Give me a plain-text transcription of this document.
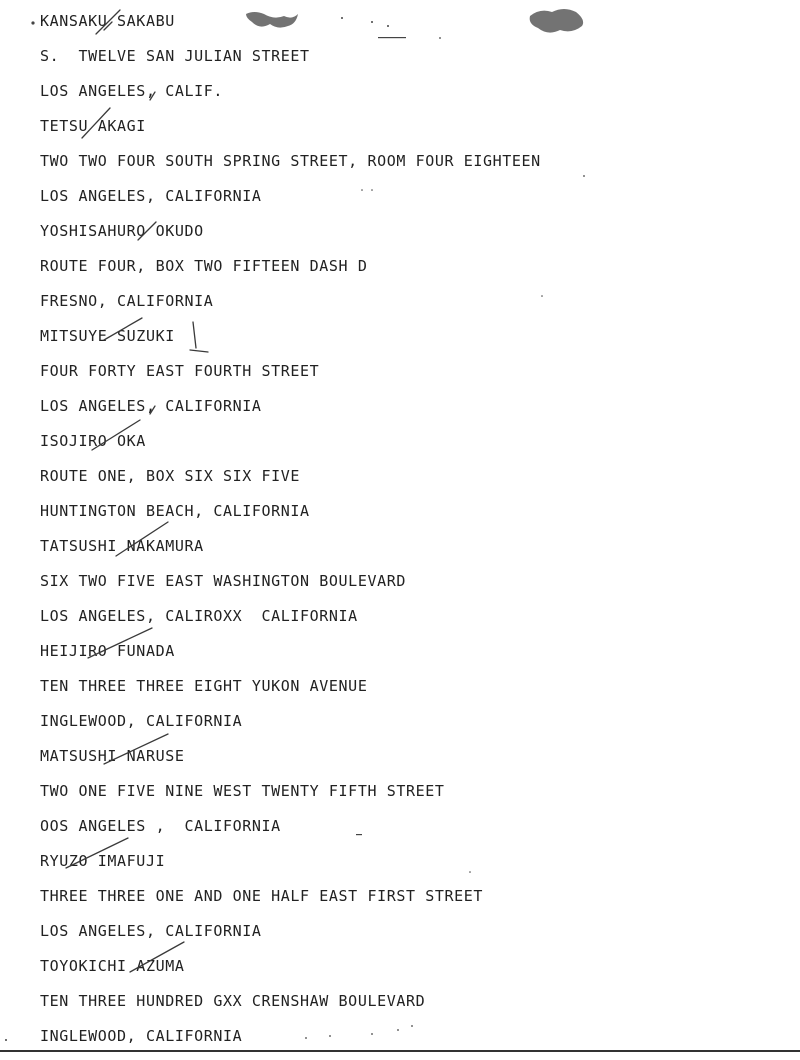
KANSAKU SAKABU
S.  TWELVE SAN JULIAN STREET
LOS ANGELES, CALIF.
TETSU AKAGI
TWO TWO FOUR SOUTH SPRING STREET, ROOM FOUR EIGHTEEN
LOS ANGELES, CALIFORNIA
YOSHISAHURO OKUDO
ROUTE FOUR, BOX TWO FIFTEEN DASH D
FRESNO, CALIFORNIA
MITSUYE SUZUKI
FOUR FORTY EAST FOURTH STREET
LOS ANGELES, CALIFORNIA
ISOJIRO OKA
ROUTE ONE, BOX SIX SIX FIVE
HUNTINGTON BEACH, CALIFORNIA
TATSUSHI NAKAMURA
SIX TWO FIVE EAST WASHINGTON BOULEVARD
LOS ANGELES, CALIROXX  CALIFORNIA
HEIJIRO FUNADA
TEN THREE THREE EIGHT YUKON AVENUE
INGLEWOOD, CALIFORNIA
MATSUSHI NARUSE
TWO ONE FIVE NINE WEST TWENTY FIFTH STREET
OOS ANGELES ,  CALIFORNIA
RYUZO IMAFUJI
THREE THREE ONE AND ONE HALF EAST FIRST STREET
LOS ANGELES, CALIFORNIA
TOYOKICHI AZUMA
TEN THREE HUNDRED GXX CRENSHAW BOULEVARD
INGLEWOOD, CALIFORNIA
